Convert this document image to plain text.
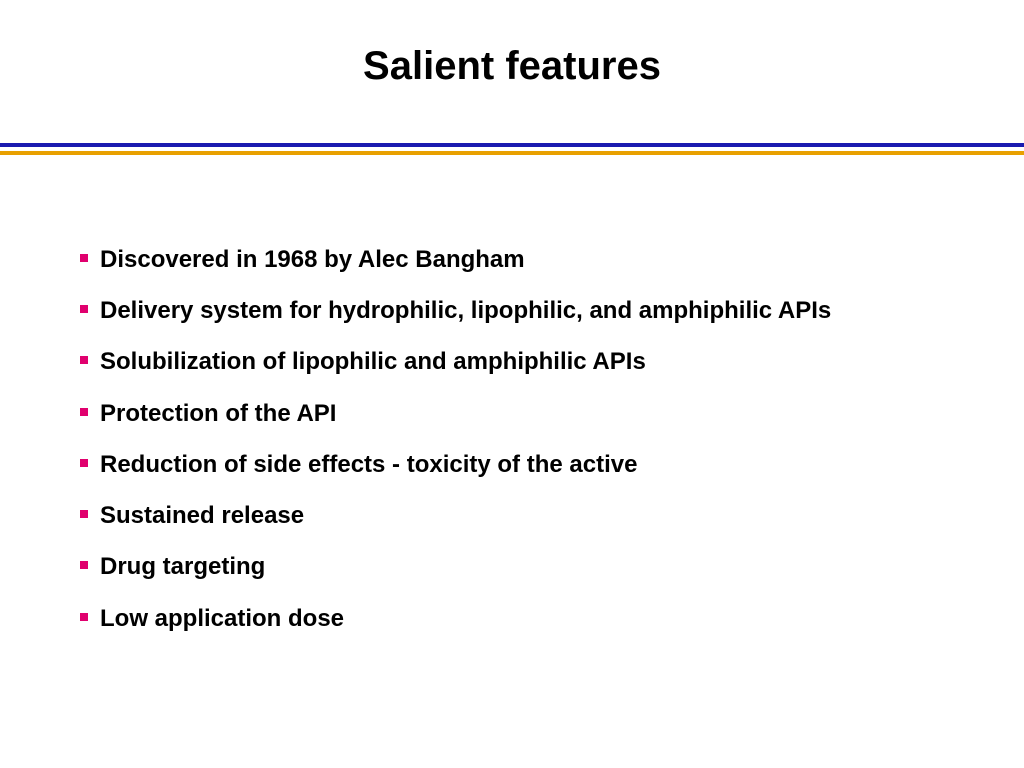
Salient features
Discovered in 1968 by Alec Bangham
Delivery system for hydrophilic, lipophilic, and amphiphilic APIs
Solubilization of lipophilic and amphiphilic APIs
Protection of the API
Reduction of side effects - toxicity of the active
Sustained release
Drug targeting
Low application dose
